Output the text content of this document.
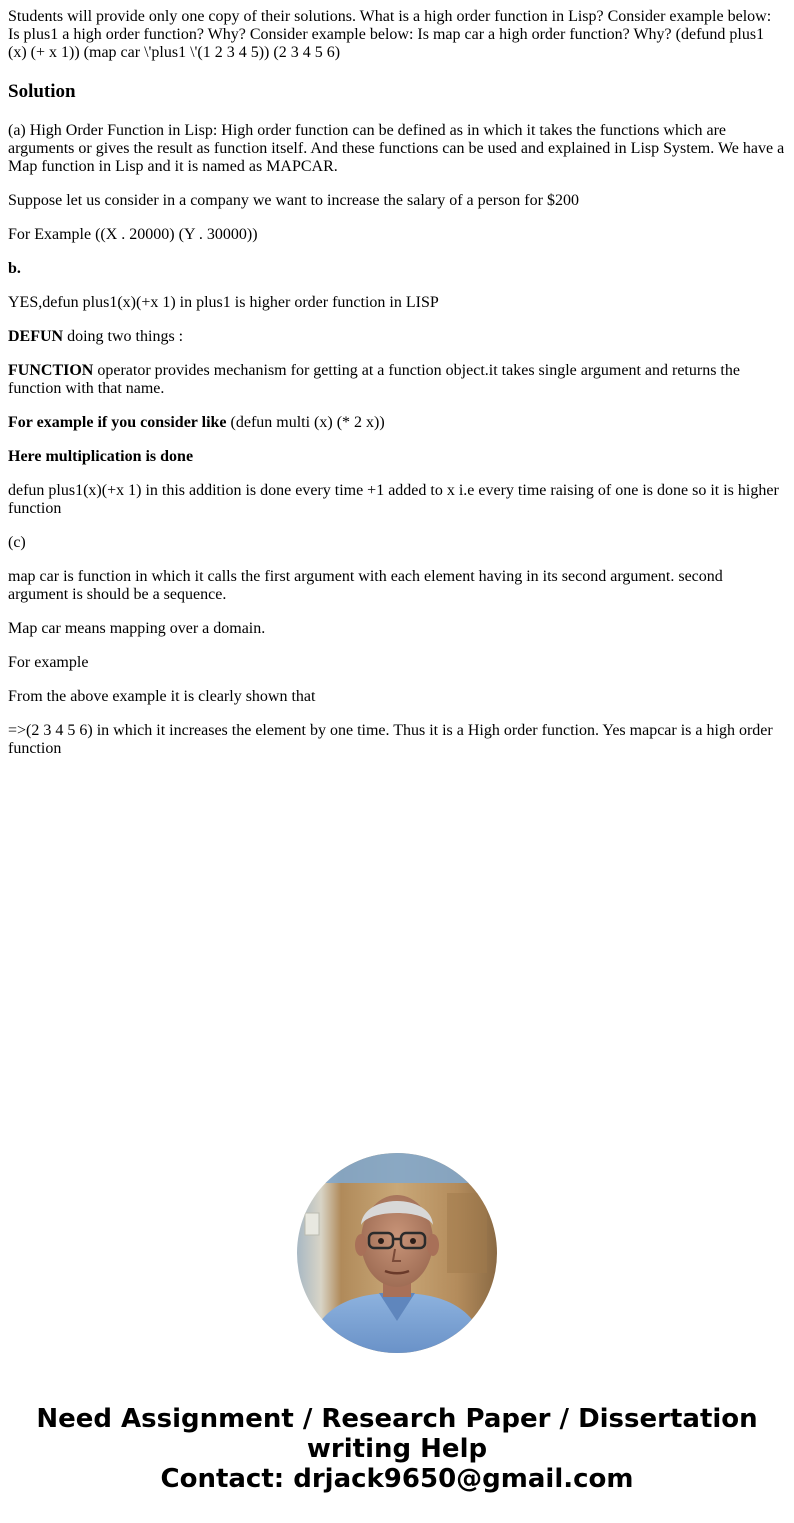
Students will provide only one copy of their solutions. What is a high order function in Lisp? Consider example below: Is plus1 a high order function? Why? Consider example below: Is map car a high order function? Why? (defund plus1 (x) (+ x 1)) (map car \'plus1 \'(1 2 3 4 5)) (2 3 4 5 6)

Solution

(a) High Order Function in Lisp: High order function can be defined as in which it takes the functions which are arguments or gives the result as function itself. And these functions can be used and explained in Lisp System. We have a Map function in Lisp and it is named as MAPCAR.

Suppose let us consider in a company we want to increase the salary of a person for $200

For Example ((X . 20000) (Y . 30000))

b.

YES,defun plus1(x)(+x 1) in plus1 is higher order function in LISP

DEFUN doing two things :

FUNCTION operator provides mechanism for getting at a function object.it takes single argument and returns the function with that name.

For example if you consider like (defun multi (x) (* 2 x))

Here multiplication is done

defun plus1(x)(+x 1) in this addition is done every time +1 added to x i.e every time raising of one is done so it is higher function

(c)

map car is function in which it calls the first argument with each element having in its second argument. second argument is should be a sequence.

Map car means mapping over a domain.

For example

From the above example it is clearly shown that

=>(2 3 4 5 6) in which it increases the element by one time. Thus it is a High order function. Yes mapcar is a high order function

Need Assignment / Research Paper / Dissertation
writing Help
Contact: drjack9650@gmail.com
